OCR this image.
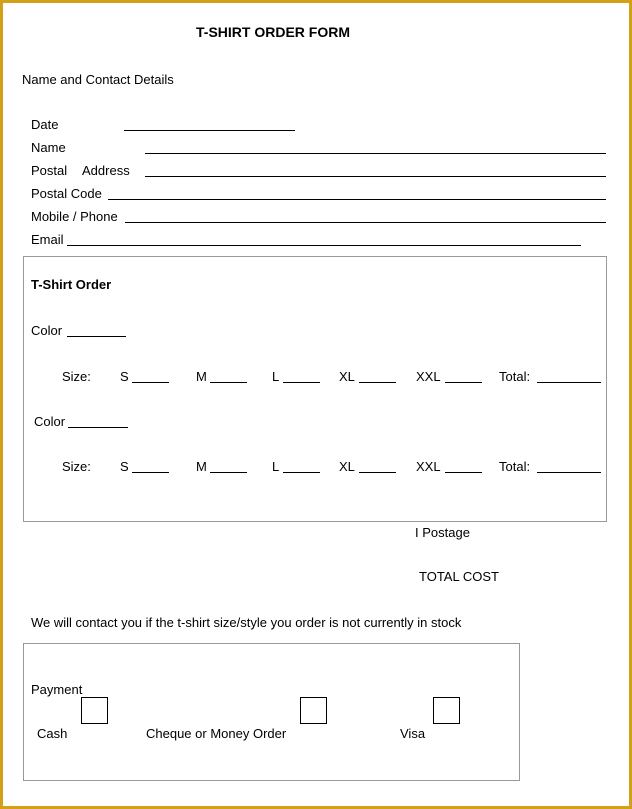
T-SHIRT ORDER FORM
Name and Contact Details
Date
Name
Postal Address
Postal Code
Mobile / Phone
Email
T-Shirt Order
Color
Size: S	M	L	XL	XXL	Total:
Color
Size: S	M	L	XL	XXL	Total:
I Postage
TOTAL COST
We will contact you if the t-shirt size/style you order is not currently in stock
Payment
Cash	Cheque or Money Order	Visa
